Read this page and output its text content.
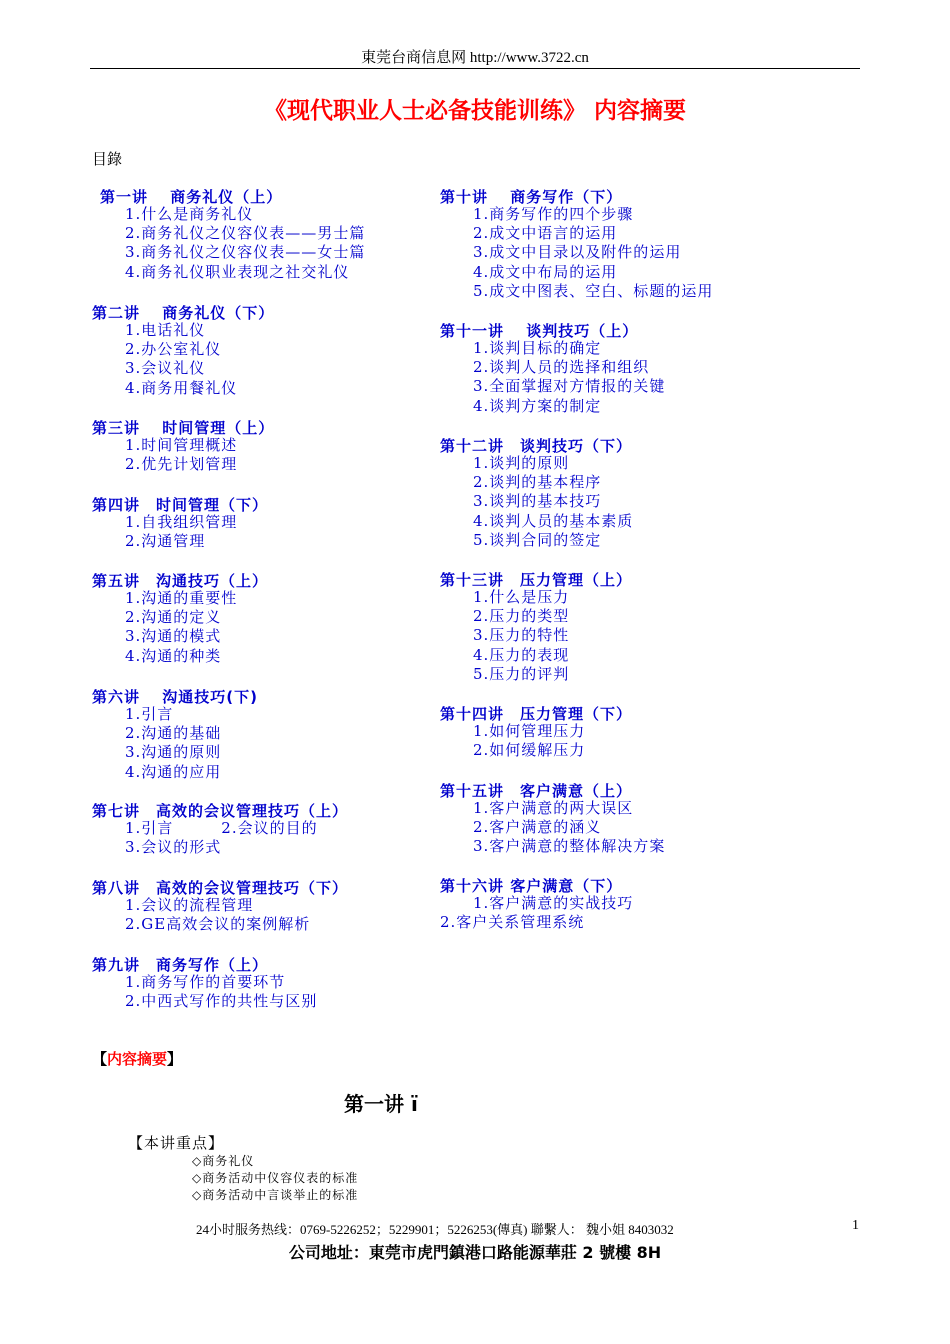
東莞台商信息网 http://www.3722.cn
《现代职业人士必备技能训练》 内容摘要
目錄
第一讲　 商务礼仪（上）
1.什么是商务礼仪
2.商务礼仪之仪容仪表——男士篇
3.商务礼仪之仪容仪表——女士篇
4.商务礼仪职业表现之社交礼仪
第二讲　 商务礼仪（下）
1.电话礼仪
2.办公室礼仪
3.会议礼仪
4.商务用餐礼仪
第三讲　 时间管理（上）
1.时间管理概述
2.优先计划管理
第四讲　时间管理（下）
1.自我组织管理
2.沟通管理
第五讲　沟通技巧（上）
1.沟通的重要性
2.沟通的定义
3.沟通的模式
4.沟通的种类
第六讲　 沟通技巧(下)
1.引言
2.沟通的基础
3.沟通的原则
4.沟通的应用
第七讲　高效的会议管理技巧（上）
1.引言　　　2.会议的目的
3.会议的形式
第八讲　高效的会议管理技巧（下）
1.会议的流程管理
2.GE高效会议的案例解析
第九讲　商务写作（上）
1.商务写作的首要环节
2.中西式写作的共性与区别
第十讲　 商务写作（下）
1.商务写作的四个步骤
2.成文中语言的运用
3.成文中目录以及附件的运用
4.成文中布局的运用
5.成文中图表、空白、标题的运用
第十一讲　 谈判技巧（上）
1.谈判目标的确定
2.谈判人员的选择和组织
3.全面掌握对方情报的关键
4.谈判方案的制定
第十二讲　谈判技巧（下）
1.谈判的原则
2.谈判的基本程序
3.谈判的基本技巧
4.谈判人员的基本素质
5.谈判合同的签定
第十三讲　压力管理（上）
1.什么是压力
2.压力的类型
3.压力的特性
4.压力的表现
5.压力的评判
第十四讲　压力管理（下）
1.如何管理压力
2.如何缓解压力
第十五讲　客户满意（上）
1.客户满意的两大误区
2.客户满意的涵义
3.客户满意的整体解决方案
第十六讲 客户满意（下）
1.客户满意的实战技巧
2.客户关系管理系统
【内容摘要】
第一讲 ï
【本讲重点】
◇商务礼仪
◇商务活动中仪容仪表的标准
◇商务活动中言谈举止的标准
24小时服务热线：0769-5226252；5229901；5226253(傳真) 聯繫人： 魏小姐 8403032	1
公司地址：東莞市虎門鎮港口路能源華莊 2 號樓 8H
